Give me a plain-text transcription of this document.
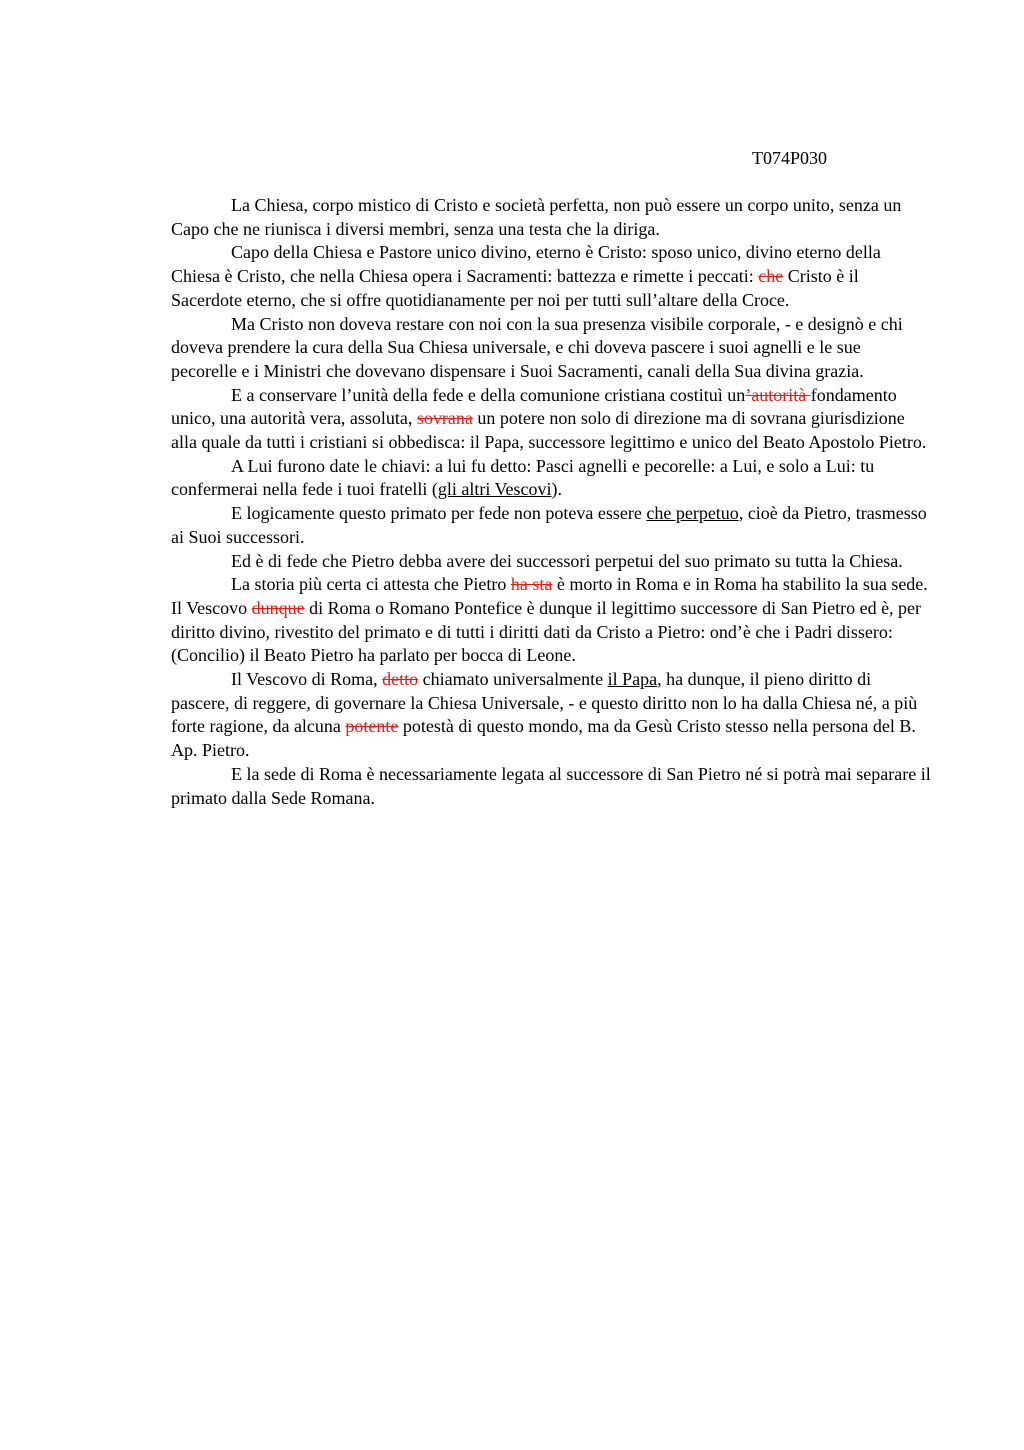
T074P030

La Chiesa, corpo mistico di Cristo e società perfetta, non può essere un corpo unito, senza un Capo che ne riunisca i diversi membri, senza una testa che la diriga.

Capo della Chiesa e Pastore unico divino, eterno è Cristo: sposo unico, divino eterno della Chiesa è Cristo, che nella Chiesa opera i Sacramenti: battezza e rimette i peccati: che Cristo è il Sacerdote eterno, che si offre quotidianamente per noi per tutti sull’altare della Croce.

Ma Cristo non doveva restare con noi con la sua presenza visibile corporale, - e designò e chi doveva prendere la cura della Sua Chiesa universale, e chi doveva pascere i suoi agnelli e le sue pecorelle e i Ministri che dovevano dispensare i Suoi Sacramenti, canali della Sua divina grazia.

E a conservare l’unità della fede e della comunione cristiana costituì un’autorità fondamento unico, una autorità vera, assoluta, sovrana un potere non solo di direzione ma di sovrana giurisdizione alla quale da tutti i cristiani si obbedisca: il Papa, successore legittimo e unico del Beato Apostolo Pietro.

A Lui furono date le chiavi: a lui fu detto: Pasci agnelli e pecorelle: a Lui, e solo a Lui: tu confermerai nella fede i tuoi fratelli (gli altri Vescovi).

E logicamente questo primato per fede non poteva essere che perpetuo, cioè da Pietro, trasmesso ai Suoi successori.

Ed è di fede che Pietro debba avere dei successori perpetui del suo primato su tutta la Chiesa.

La storia più certa ci attesta che Pietro ha sta è morto in Roma e in Roma ha stabilito la sua sede. Il Vescovo dunque di Roma o Romano Pontefice è dunque il legittimo successore di San Pietro ed è, per diritto divino, rivestito del primato e di tutti i diritti dati da Cristo a Pietro: ond’è che i Padri dissero: (Concilio) il Beato Pietro ha parlato per bocca di Leone.

Il Vescovo di Roma, detto chiamato universalmente il Papa, ha dunque, il pieno diritto di pascere, di reggere, di governare la Chiesa Universale, - e questo diritto non lo ha dalla Chiesa né, a più forte ragione, da alcuna potente potestà di questo mondo, ma da Gesù Cristo stesso nella persona del B. Ap. Pietro.

E la sede di Roma è necessariamente legata al successore di San Pietro né si potrà mai separare il primato dalla Sede Romana.
